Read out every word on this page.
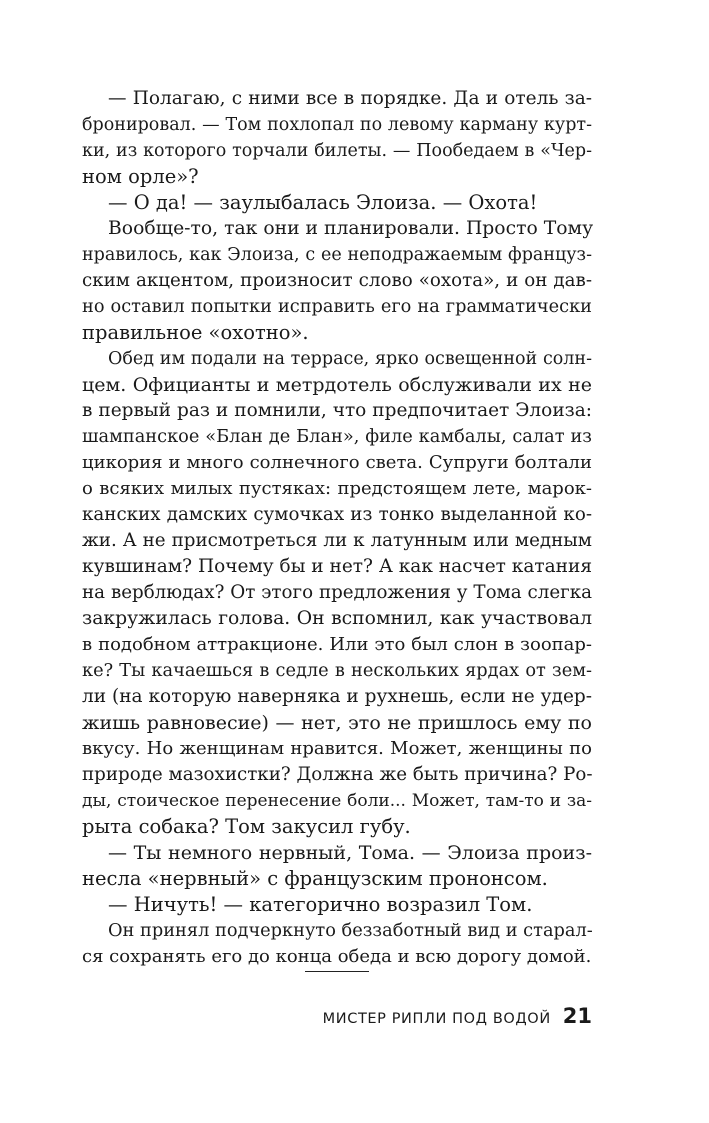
— Полагаю, с ними все в порядке. Да и отель за-
бронировал. — Том похлопал по левому карману курт-
ки, из которого торчали билеты. — Пообедаем в «Чер-
ном орле»?
— О да! — заулыбалась Элоиза. — Охота!
Вообще-то, так они и планировали. Просто Тому
нравилось, как Элоиза, с ее неподражаемым француз-
ским акцентом, произносит слово «охота», и он дав-
но оставил попытки исправить его на грамматически
правильное «охотно».
Обед им подали на террасе, ярко освещенной солн-
цем. Официанты и метрдотель обслуживали их не
в первый раз и помнили, что предпочитает Элоиза:
шампанское «Блан де Блан», филе камбалы, салат из
цикория и много солнечного света. Супруги болтали
о всяких милых пустяках: предстоящем лете, марок-
канских дамских сумочках из тонко выделанной ко-
жи. А не присмотреться ли к латунным или медным
кувшинам? Почему бы и нет? А как насчет катания
на верблюдах? От этого предложения у Тома слегка
закружилась голова. Он вспомнил, как участвовал
в подобном аттракционе. Или это был слон в зоопар-
ке? Ты качаешься в седле в нескольких ярдах от зем-
ли (на которую наверняка и рухнешь, если не удер-
жишь равновесие) — нет, это не пришлось ему по
вкусу. Но женщинам нравится. Может, женщины по
природе мазохистки? Должна же быть причина? Ро-
ды, стоическое перенесение боли... Может, там-то и за-
рыта собака? Том закусил губу.
— Ты немного нервный, Тома. — Элоиза произ-
несла «нервный» с французским прононсом.
— Ничуть! — категорично возразил Том.
Он принял подчеркнуто беззаботный вид и старал-
ся сохранять его до конца обеда и всю дорогу домой.
МИСТЕР РИПЛИ ПОД ВОДОЙ 21
